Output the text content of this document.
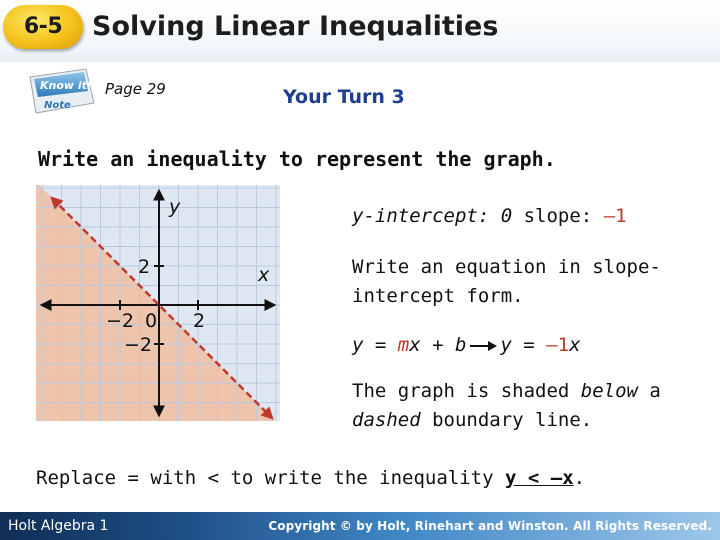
6-5	Solving Linear Inequalities
Know it!
Note
Page 29	Your Turn 3
Write an inequality to represent the graph.
y
x
−2 0 2
2
−2
y-intercept: 0 slope: –1
Write an equation in slope-
intercept form.
y = mx + b y = –1x
The graph is shaded below a
dashed boundary line.
Replace = with < to write the inequality y < –x.
Holt Algebra 1	Copyright © by Holt, Rinehart and Winston. All Rights Reserved.
